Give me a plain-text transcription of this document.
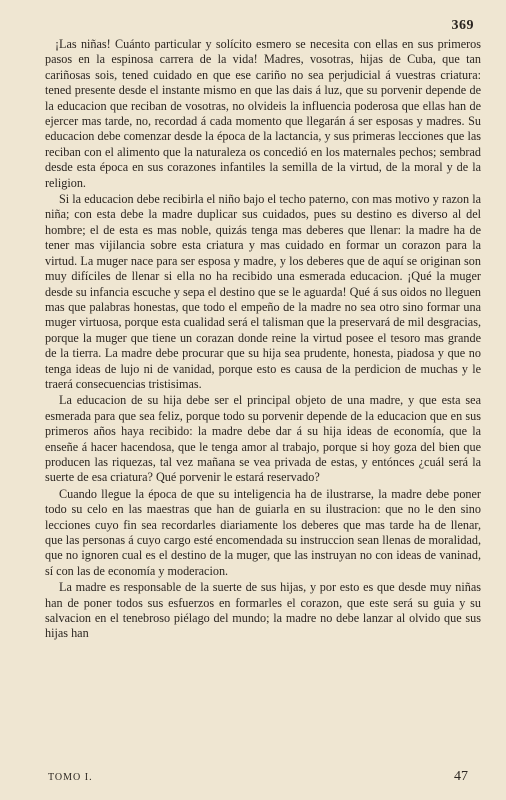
369

¡Las niñas! Cuánto particular y solícito esmero se necesita con ellas en sus primeros pasos en la espinosa carrera de la vida! Madres, vosotras, hijas de Cuba, que tan cariñosas sois, tened cuidado en que ese cariño no sea perjudicial á vuestras criatura: tened presente desde el instante mismo en que las dais á luz, que su porvenir depende de la educacion que reciban de vosotras, no olvideis la influencia poderosa que ellas han de ejercer mas tarde, no, recordad á cada momento que llegarán á ser esposas y madres. Su educacion debe comenzar desde la época de la lactancia, y sus primeras lecciones que las reciban con el alimento que la naturaleza os concedió en los maternales pechos; sembrad desde esta época en sus corazones infantiles la semilla de la virtud, de la moral y de la religion.

Si la educacion debe recibirla el niño bajo el techo paterno, con mas motivo y razon la niña; con esta debe la madre duplicar sus cuidados, pues su destino es diverso al del hombre; el de esta es mas noble, quizás tenga mas deberes que llenar: la madre ha de tener mas vijilancia sobre esta criatura y mas cuidado en formar un corazon para la virtud. La muger nace para ser esposa y madre, y los deberes que de aquí se originan son muy difíciles de llenar si ella no ha recibido una esmerada educacion. ¡Qué la muger desde su infancia escuche y sepa el destino que se le aguarda! Qué á sus oidos no lleguen mas que palabras honestas, que todo el empeño de la madre no sea otro sino formar una muger virtuosa, porque esta cualidad será el talisman que la preservará de mil desgracias, porque la muger que tiene un corazan donde reine la virtud posee el tesoro mas grande de la tierra. La madre debe procurar que su hija sea prudente, honesta, piadosa y que no tenga ideas de lujo ni de vanidad, porque esto es causa de la perdicion de muchas y le traerá consecuencias tristisimas.

La educacion de su hija debe ser el principal objeto de una madre, y que esta sea esmerada para que sea feliz, porque todo su porvenir depende de la educacion que en sus primeros años haya recibido: la madre debe dar á su hija ideas de economía, que la enseñe á hacer hacendosa, que le tenga amor al trabajo, porque si hoy goza del bien que producen las riquezas, tal vez mañana se vea privada de estas, y entónces ¿cuál será la suerte de esa criatura? Qué porvenir le estará reservado?

Cuando llegue la época de que su inteligencia ha de ilustrarse, la madre debe poner todo su celo en las maestras que han de guiarla en su ilustracion: que no le den sino lecciones cuyo fin sea recordarles diariamente los deberes que mas tarde ha de llenar, que las personas á cuyo cargo esté encomendada su instruccion sean llenas de moralidad, que no ignoren cual es el destino de la muger, que las instruyan no con ideas de vaninad, sí con las de economía y moderacion.

La madre es responsable de la suerte de sus hijas, y por esto es que desde muy niñas han de poner todos sus esfuerzos en formarles el corazon, que este será su guia y su salvacion en el tenebroso piélago del mundo; la madre no debe lanzar al olvido que sus hijas han

TOMO I.	47
